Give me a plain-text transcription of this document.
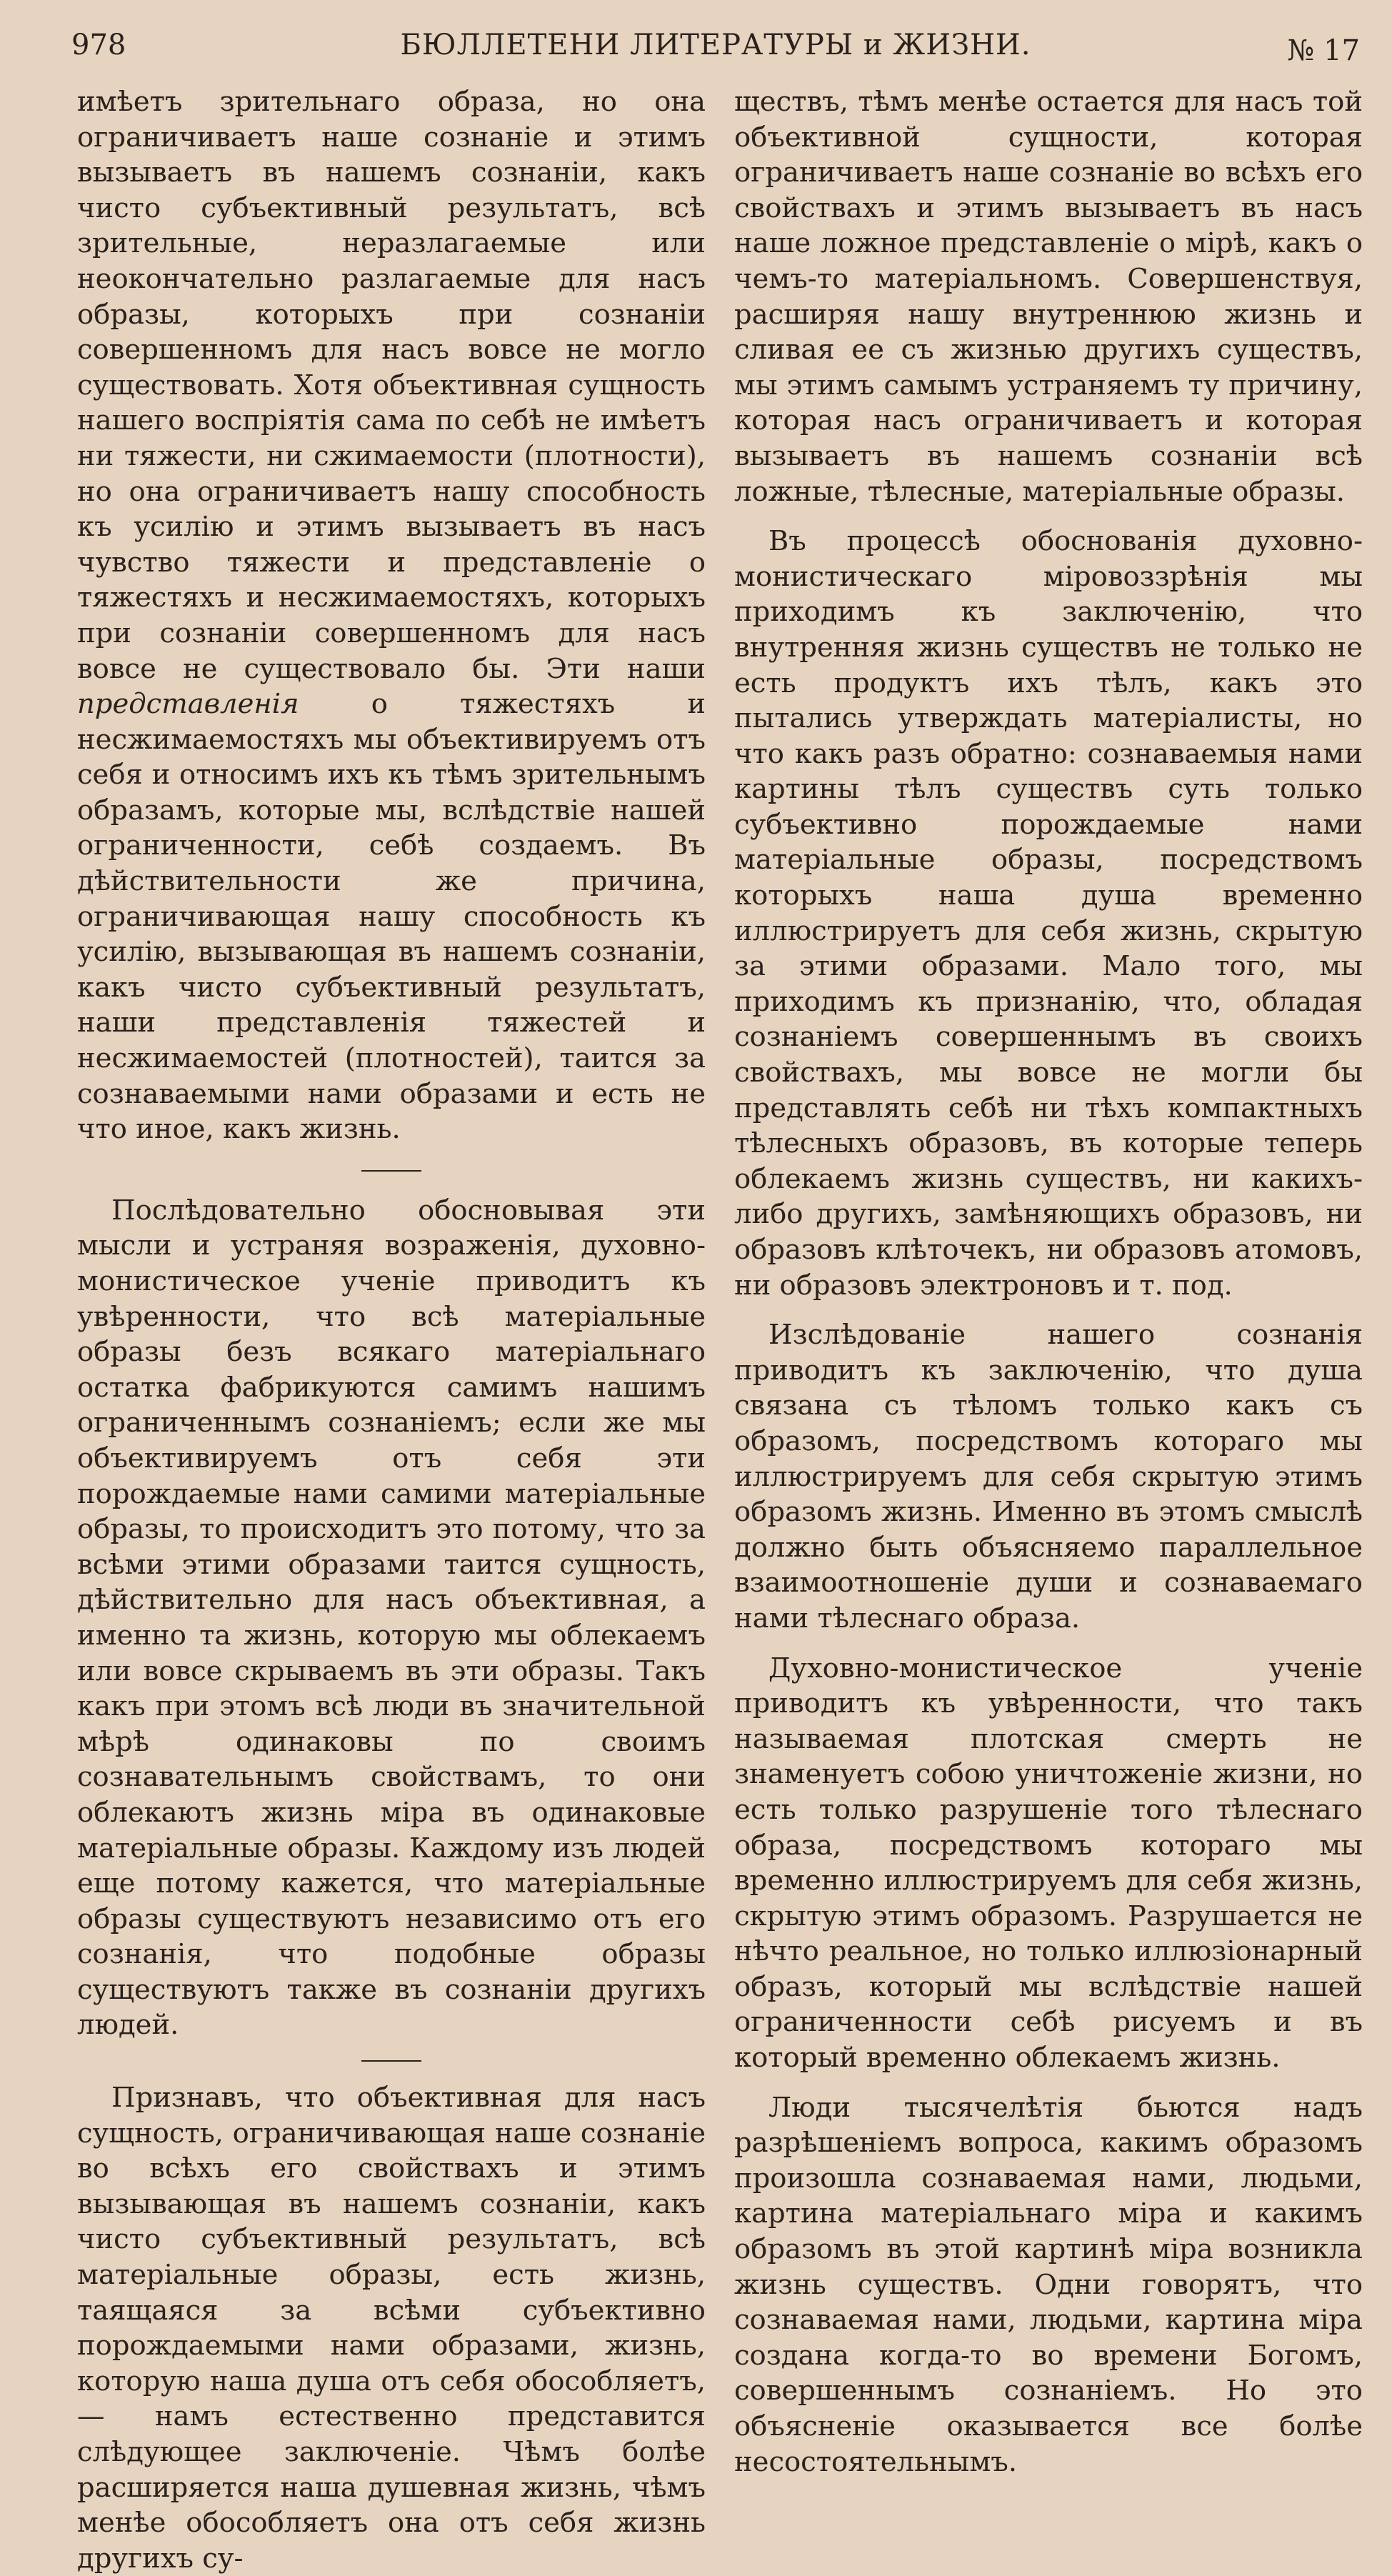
978	БЮЛЛЕТЕНИ ЛИТЕРАТУРЫ и ЖИЗНИ.	№ 17

имѣетъ зрительнаго образа, но она ограничиваетъ наше сознаніе и этимъ вызываетъ въ нашемъ сознаніи, какъ чисто субъективный результатъ, всѣ зрительные, неразлагаемые или неокончательно разлагаемые для насъ образы, которыхъ при сознаніи совершенномъ для насъ вовсе не могло существовать. Хотя объективная сущность нашего воспріятія сама по себѣ не имѣетъ ни тяжести, ни сжимаемости (плотности), но она ограничиваетъ нашу способность къ усилію и этимъ вызываетъ въ насъ чувство тяжести и представленіе о тяжестяхъ и несжимаемостяхъ, которыхъ при сознаніи совершенномъ для насъ вовсе не существовало бы. Эти наши представленія	о тяжестяхъ и несжимаемостяхъ мы объективируемъ отъ себя и относимъ ихъ къ тѣмъ зрительнымъ образамъ, которые мы, вслѣдствіе нашей ограниченности, себѣ создаемъ. Въ дѣйствительности же причина, ограничивающая нашу способность къ усилію, вызывающая въ нашемъ сознаніи, какъ чисто субъективный результатъ, наши представленія тяжестей и несжимаемостей (плотностей), таится за сознаваемыми нами образами и есть не что иное, какъ жизнь.

Послѣдовательно обосновывая эти мысли и устраняя возраженія, духовно-монистическое ученіе приводитъ къ увѣренности, что всѣ матеріальные образы безъ всякаго матеріальнаго остатка фабрикуются самимъ нашимъ ограниченнымъ сознаніемъ; если же мы объективируемъ отъ себя эти порождаемые нами самими матеріальные образы, то происходитъ это потому, что за всѣми этими образами таится сущность, дѣйствительно для насъ объективная, а именно та жизнь, которую мы облекаемъ или вовсе скрываемъ въ эти образы. Такъ какъ при этомъ всѣ люди въ значительной мѣрѣ одинаковы по своимъ сознавательнымъ свойствамъ, то они облекаютъ жизнь міра въ одинаковые матеріальные образы. Каждому изъ людей еще потому кажется, что матеріальные образы существуютъ независимо отъ его сознанія, что подобные образы существуютъ также въ сознаніи другихъ людей.

Признавъ, что объективная для насъ сущность, ограничивающая наше сознаніе во всѣхъ его свойствахъ и этимъ вызывающая въ нашемъ сознаніи, какъ чисто субъективный результатъ, всѣ матеріальные образы, есть жизнь, таящаяся за всѣми субъективно порождаемыми нами образами, жизнь, которую наша душа отъ себя обособляетъ,— намъ естественно представится слѣдующее заключеніе. Чѣмъ болѣе расширяется наша душевная жизнь, чѣмъ менѣе обособляетъ она отъ себя жизнь другихъ су-

ществъ, тѣмъ менѣе остается для насъ той объективной сущности, которая ограничиваетъ наше сознаніе во всѣхъ его свойствахъ и этимъ вызываетъ въ насъ наше ложное представленіе о мірѣ, какъ о чемъ-то матеріальномъ. Совершенствуя, расширяя нашу внутреннюю жизнь и сливая ее съ жизнью другихъ существъ, мы этимъ самымъ устраняемъ ту причину, которая насъ ограничиваетъ и которая вызываетъ въ нашемъ сознаніи всѣ ложные, тѣлесные, матеріальные образы.

Въ процессѣ обоснованія духовно-монистическаго міровоззрѣнія мы приходимъ къ заключенію, что внутренняя жизнь существъ не только не есть продуктъ ихъ тѣлъ, какъ это пытались утверждать матеріалисты, но что какъ разъ обратно: сознаваемыя нами картины тѣлъ существъ суть только субъективно порождаемые нами матеріальные образы, посредствомъ которыхъ наша душа временно иллюстрируетъ для себя жизнь, скрытую за этими образами. Мало того, мы приходимъ къ признанію, что, обладая сознаніемъ совершеннымъ въ своихъ свойствахъ, мы вовсе не могли бы представлять себѣ ни тѣхъ компактныхъ тѣлесныхъ образовъ, въ которые теперь облекаемъ жизнь существъ, ни какихъ-либо другихъ, замѣняющихъ образовъ, ни образовъ клѣточекъ, ни образовъ атомовъ, ни образовъ электроновъ и т. под.

Изслѣдованіе нашего сознанія приводитъ къ заключенію, что душа связана съ тѣломъ только какъ съ образомъ, посредствомъ котораго мы иллюстрируемъ для себя скрытую этимъ образомъ жизнь. Именно въ этомъ смыслѣ должно быть объясняемо параллельное взаимоотношеніе души и сознаваемаго нами тѣлеснаго образа.

Духовно-монистическое ученіе приводитъ къ увѣренности, что такъ называемая плотская смерть не знаменуетъ собою уничтоженіе жизни, но есть только разрушеніе того тѣлеснаго образа, посредствомъ котораго мы временно иллюстрируемъ для себя жизнь, скрытую этимъ образомъ. Разрушается не нѣчто реальное, но только иллюзіонарный образъ, который мы вслѣдствіе нашей ограниченности себѣ рисуемъ и въ который временно облекаемъ жизнь.

Люди тысячелѣтія бьются надъ разрѣшеніемъ вопроса, какимъ образомъ произошла сознаваемая нами, людьми, картина матеріальнаго міра и какимъ образомъ въ этой картинѣ міра возникла жизнь существъ. Одни говорятъ, что сознаваемая нами, людьми, картина міра создана когда-то во времени Богомъ, совершеннымъ сознаніемъ. Но это объясненіе оказывается все болѣе несостоятельнымъ.
